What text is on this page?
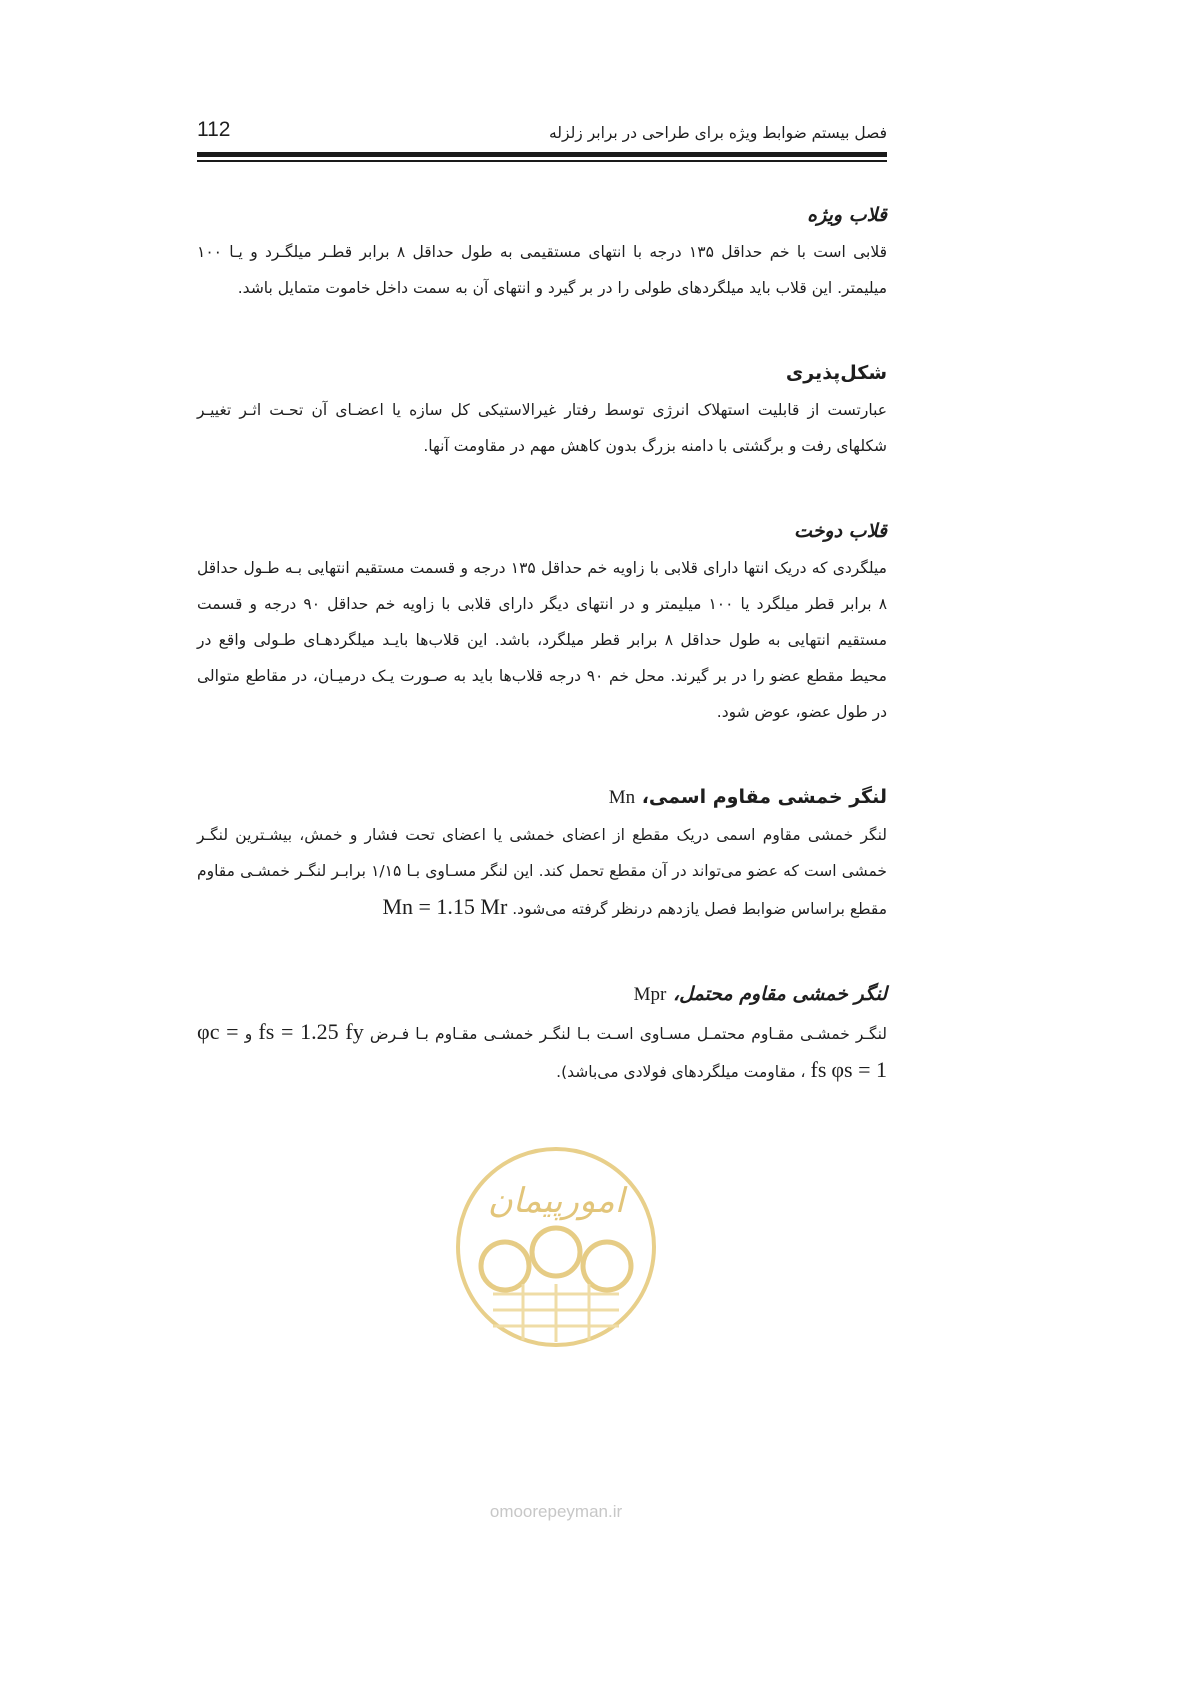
112	فصل بیستم ضوابط ویژه برای طراحی در برابر زلزله

قلاب ویژه

قلابی است با خم حداقل ۱۳۵ درجه با انتهای مستقیمی به طول حداقل ۸ برابر قطـر میلگـرد و یـا ۱۰۰ میلیمتر. این قلاب باید میلگردهای طولی را در بر گیرد و انتهای آن به سمت داخل خاموت متمایل باشد.

شکل‌پذیری

عبارتست از قابلیت استهلاک انرژی توسط رفتار غیرالاستیکی کل سازه یا اعضـای آن تحـت اثـر تغییـر شکلهای رفت و برگشتی با دامنه بزرگ بدون کاهش مهم در مقاومت آنها.

قلاب دوخت

میلگردی که دریک انتها دارای قلابی با زاویه خم حداقل ۱۳۵ درجه و قسمت مستقیم انتهایی بـه طـول حداقل ۸ برابر قطر میلگرد یا ۱۰۰ میلیمتر و در انتهای دیگر دارای قلابی با زاویه خم حداقل ۹۰ درجه و قسمت مستقیم انتهایی به طول حداقل ۸ برابر قطر میلگرد، باشد. این قلاب‌ها بایـد میلگردهـای طـولی واقع در محیط مقطع عضو را در بر گیرند. محل خم ۹۰ درجه قلاب‌ها باید به صـورت یـک درمیـان، در مقاطع متوالی در طول عضو، عوض شود.

لنگر خمشی مقاوم اسمی، Mn

لنگر خمشی مقاوم اسمی دریک مقطع از اعضای خمشی یا اعضای تحت فشار و خمش، بیشـترین لنگـر خمشی است که عضو می‌تواند در آن مقطع تحمل کند. این لنگر مسـاوی بـا ۱/۱۵ برابـر لنگـر خمشـی مقاوم مقطع براساس ضوابط فصل یازدهم درنظر گرفته می‌شود. Mn = 1.15 Mr

لنگر خمشی مقاوم محتمل، Mpr

لنگـر خمشـی مقـاوم محتمـل مسـاوی اسـت بـا لنگـر خمشـی مقـاوم بـا فـرض fs = 1.25 fy و φc = φs = 1 fs ، مقاومت میلگردهای فولادی می‌باشد).

امورپیمان
omoorepeyman.ir
